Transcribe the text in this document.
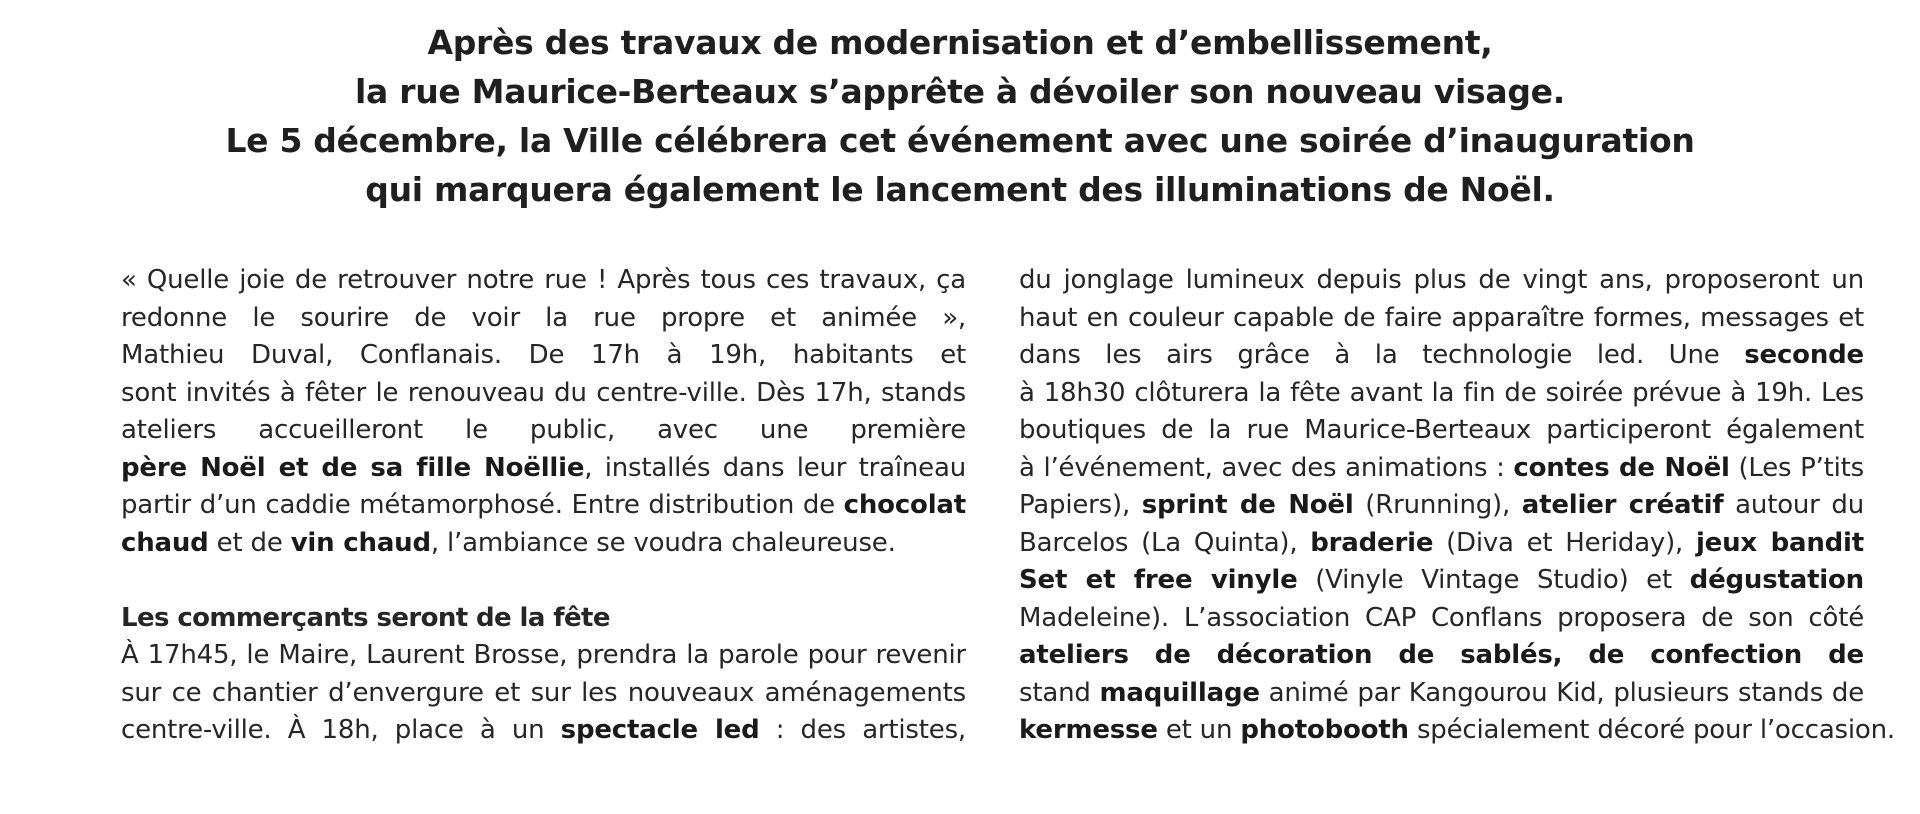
Après des travaux de modernisation et d’embellissement,
la rue Maurice-Berteaux s’apprête à dévoiler son nouveau visage.
Le 5 décembre, la Ville célébrera cet événement avec une soirée d’inauguration
qui marquera également le lancement des illuminations de Noël.
« Quelle joie de retrouver notre rue ! Après tous ces travaux, ça
redonne le sourire de voir la rue propre et animée »,
Mathieu Duval, Conflanais. De 17h à 19h, habitants et
sont invités à fêter le renouveau du centre-ville. Dès 17h, stands
ateliers accueilleront le public, avec une première
père Noël et de sa fille Noëllie, installés dans leur traîneau
partir d’un caddie métamorphosé. Entre distribution de chocolat
chaud et de vin chaud, l’ambiance se voudra chaleureuse.
Les commerçants seront de la fête
À 17h45, le Maire, Laurent Brosse, prendra la parole pour revenir
sur ce chantier d’envergure et sur les nouveaux aménagements
centre-ville. À 18h, place à un spectacle led : des artistes,
du jonglage lumineux depuis plus de vingt ans, proposeront un
haut en couleur capable de faire apparaître formes, messages et
dans les airs grâce à la technologie led. Une seconde
à 18h30 clôturera la fête avant la fin de soirée prévue à 19h. Les
boutiques de la rue Maurice-Berteaux participeront également
à l’événement, avec des animations : contes de Noël (Les P’tits
Papiers), sprint de Noël (Rrunning), atelier créatif autour du
Barcelos (La Quinta), braderie (Diva et Heriday), jeux bandit
Set et free vinyle (Vinyle Vintage Studio) et dégustation
Madeleine). L’association CAP Conflans proposera de son côté
ateliers de décoration de sablés, de confection de
stand maquillage animé par Kangourou Kid, plusieurs stands de
kermesse et un photobooth spécialement décoré pour l’occasion.
